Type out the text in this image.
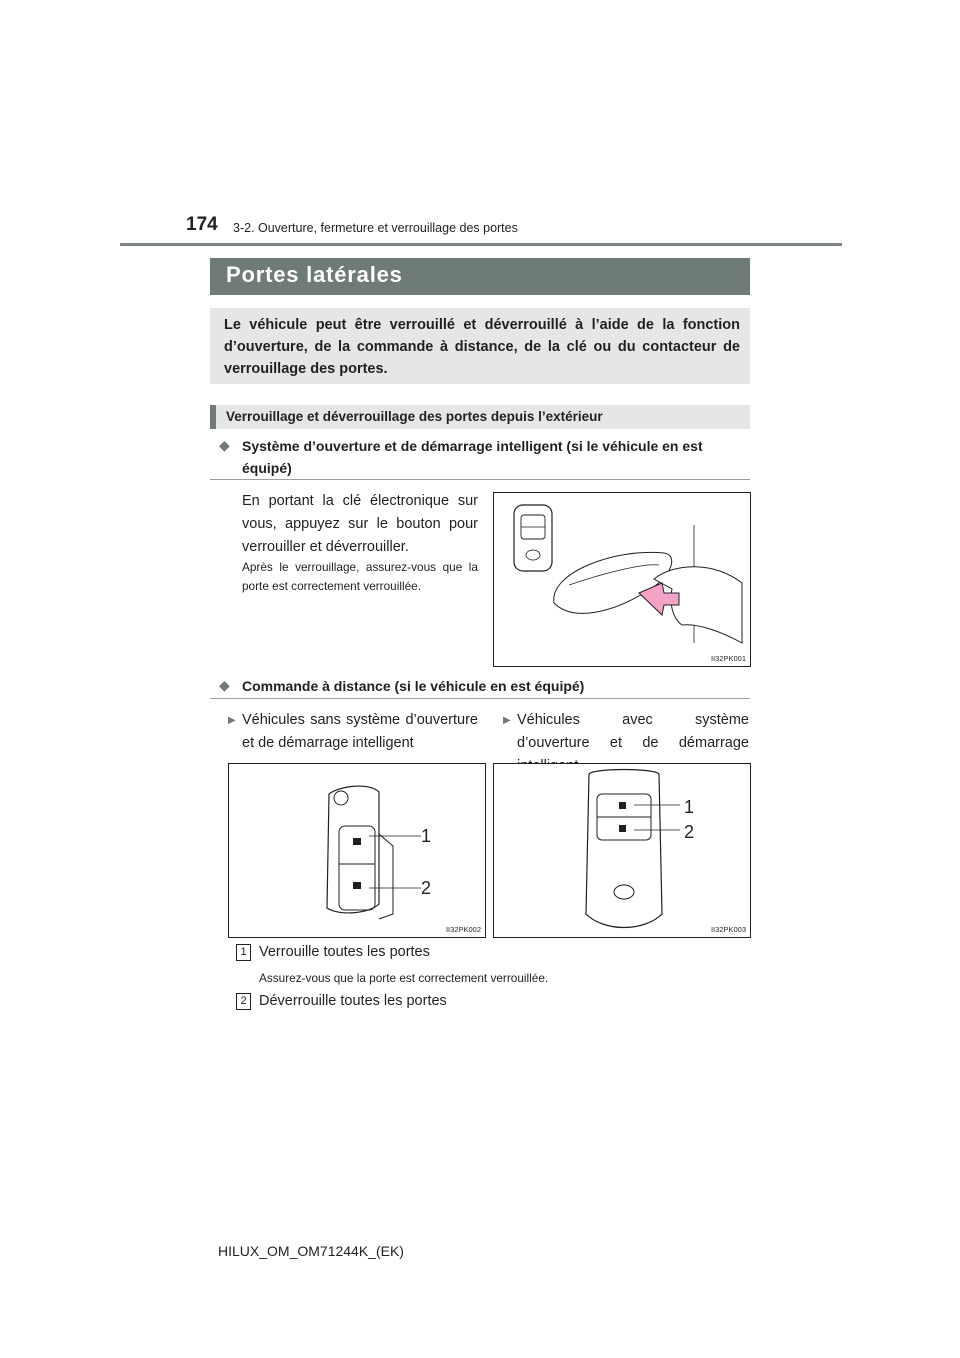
174 3-2. Ouverture, fermeture et verrouillage des portes
Portes latérales
Le véhicule peut être verrouillé et déverrouillé à l’aide de la fonction d’ouverture, de la commande à distance, de la clé ou du contacteur de verrouillage des portes.
Verrouillage et déverrouillage des portes depuis l’extérieur
◆ Système d’ouverture et de démarrage intelligent (si le véhicule en est équipé)
En portant la clé électronique sur vous, appuyez sur le bouton pour verrouiller et déverrouiller.
Après le verrouillage, assurez-vous que la porte est correctement verrouillée.
II32PK001
◆ Commande à distance (si le véhicule en est équipé)
▶ Véhicules sans système d’ouverture et de démarrage intelligent
▶ Véhicules avec système d’ouverture et de démarrage
1
2
II32PK002
1
2
II32PK003
1 Verrouille toutes les portes
Assurez-vous que la porte est correctement verrouillée.
2 Déverrouille toutes les portes
HILUX_OM_OM71244K_(EK)
